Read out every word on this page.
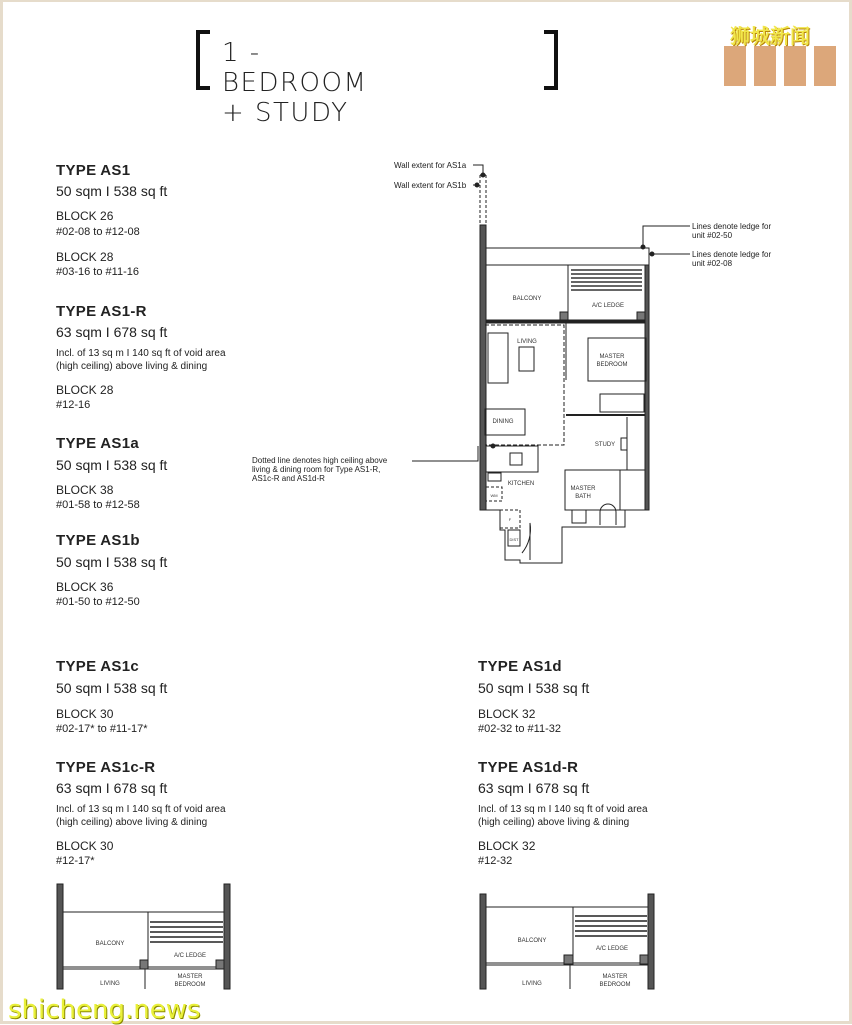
1 - BEDROOM + STUDY
狮城新闻
TYPE AS1
50 sqm I 538 sq ft
BLOCK 26
#02-08 to #12-08
BLOCK 28
#03-16 to #11-16
TYPE AS1-R
63 sqm I 678 sq ft
Incl. of 13 sq m I 140 sq ft of void area
(high ceiling) above living & dining
BLOCK 28
#12-16
TYPE AS1a
50 sqm I 538 sq ft
BLOCK 38
#01-58 to #12-58
TYPE AS1b
50 sqm I 538 sq ft
BLOCK 36
#01-50 to #12-50
TYPE AS1c
50 sqm I 538 sq ft
BLOCK 30
#02-17* to #11-17*
TYPE AS1c-R
63 sqm I 678 sq ft
Incl. of 13 sq m I 140 sq ft of void area
(high ceiling) above living & dining
BLOCK 30
#12-17*
TYPE AS1d
50 sqm I 538 sq ft
BLOCK 32
#02-32 to #11-32
TYPE AS1d-R
63 sqm I 678 sq ft
Incl. of 13 sq m I 140 sq ft of void area
(high ceiling) above living & dining
BLOCK 32
#12-32
Wall extent for AS1a
Wall extent for AS1b
Lines denote ledge for
unit #02-50
Lines denote ledge for
unit #02-08
Dotted line denotes high ceiling above
living & dining room for Type AS1-R,
AS1c-R and AS1d-R
BALCONY
A/C LEDGE
LIVING
MASTER
BEDROOM
DINING
STUDY
KITCHEN
MASTER
BATH
WM
F
DIST
BALCONY
A/C LEDGE
LIVING
MASTER
BEDROOM
BALCONY
A/C LEDGE
LIVING
MASTER
BEDROOM
shicheng.news
